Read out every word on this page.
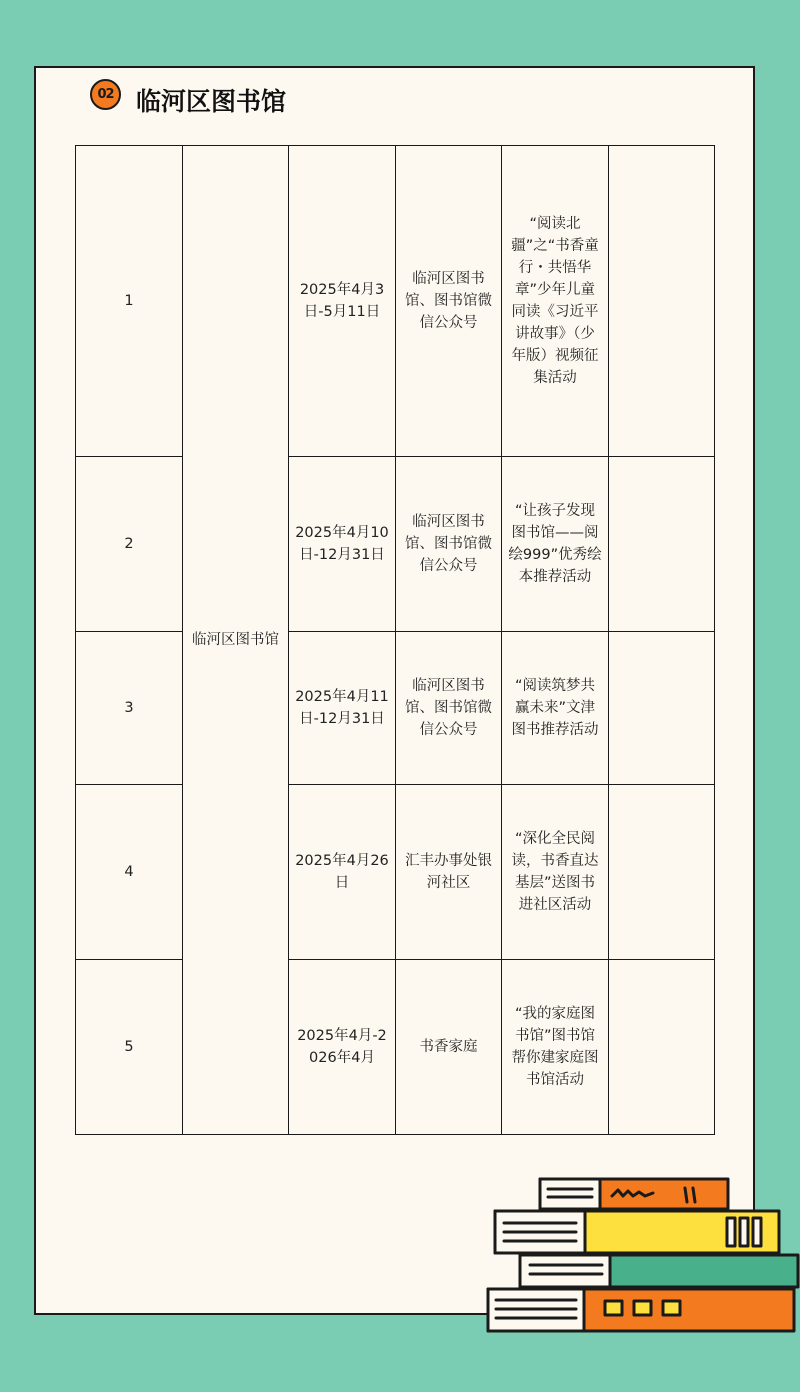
02 临河区图书馆
1	临河区图书馆	2025年4月3日-5月11日	临河区图书馆、图书馆微信公众号	“阅读北疆”之“书香童行・共悟华章”少年儿童同读《习近平讲故事》（少年版）视频征集活动	
2		2025年4月10日-12月31日	临河区图书馆、图书馆微信公众号	“让孩子发现图书馆——阅绘999”优秀绘本推荐活动	
3		2025年4月11日-12月31日	临河区图书馆、图书馆微信公众号	“阅读筑梦共赢未来”文津图书推荐活动	
4		2025年4月26日	汇丰办事处银河社区	“深化全民阅读，书香直达基层”送图书进社区活动	
5		2025年4月-2026年4月	书香家庭	“我的家庭图书馆”图书馆帮你建家庭图书馆活动	
